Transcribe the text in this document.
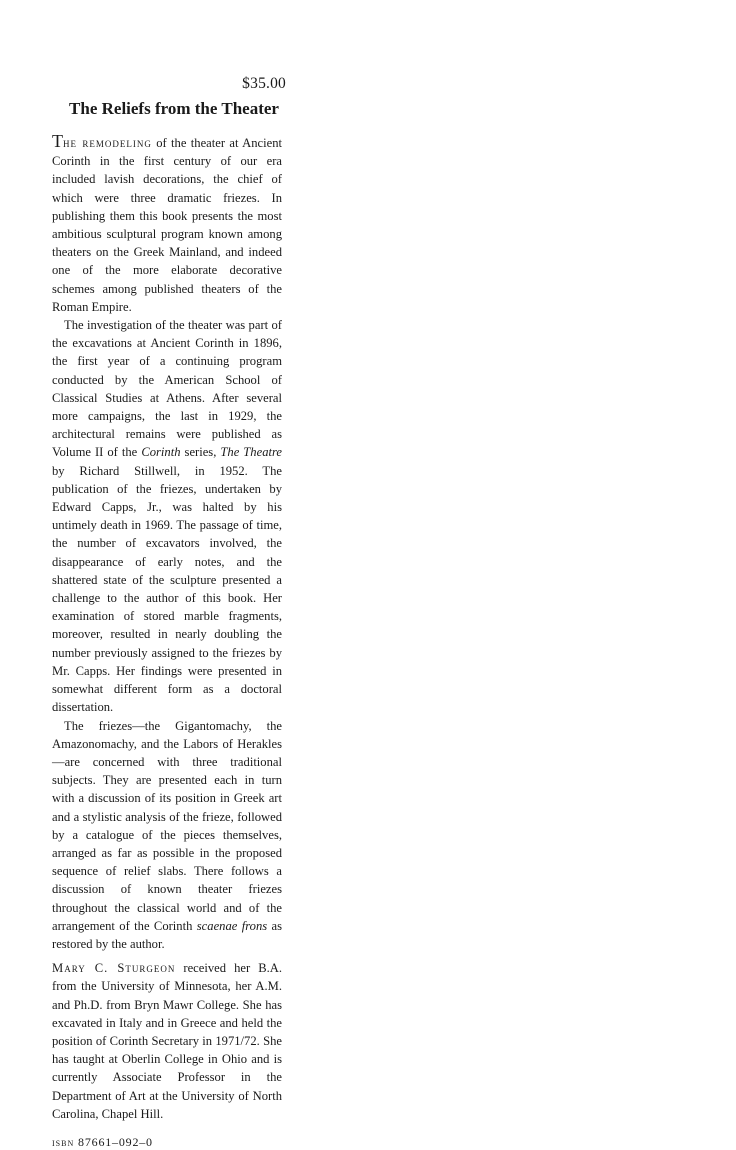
$35.00
The Reliefs from the Theater

The remodeling of the theater at Ancient Corinth in the first century of our era included lavish decorations, the chief of which were three dramatic friezes. In publishing them this book presents the most ambitious sculptural program known among theaters on the Greek Mainland, and indeed one of the more elaborate decorative schemes among published theaters of the Roman Empire.

The investigation of the theater was part of the excavations at Ancient Corinth in 1896, the first year of a continuing program conducted by the American School of Classical Studies at Athens. After several more campaigns, the last in 1929, the architectural remains were published as Volume II of the Corinth series, The Theatre by Richard Stillwell, in 1952. The publication of the friezes, undertaken by Edward Capps, Jr., was halted by his untimely death in 1969. The passage of time, the number of excavators involved, the disappearance of early notes, and the shattered state of the sculpture presented a challenge to the author of this book. Her examination of stored marble fragments, moreover, resulted in nearly doubling the number previously assigned to the friezes by Mr. Capps. Her findings were presented in somewhat different form as a doctoral dissertation.

The friezes—the Gigantomachy, the Amazonomachy, and the Labors of Herakles—are concerned with three traditional subjects. They are presented each in turn with a discussion of its position in Greek art and a stylistic analysis of the frieze, followed by a catalogue of the pieces themselves, arranged as far as possible in the proposed sequence of relief slabs. There follows a discussion of known theater friezes throughout the classical world and of the arrangement of the Corinth scaenae frons as restored by the author.

Mary C. Sturgeon received her B.A. from the University of Minnesota, her A.M. and Ph.D. from Bryn Mawr College. She has excavated in Italy and in Greece and held the position of Corinth Secretary in 1971/72. She has taught at Oberlin College in Ohio and is currently Associate Professor in the Department of Art at the University of North Carolina, Chapel Hill.

isbn 87661–092–0
